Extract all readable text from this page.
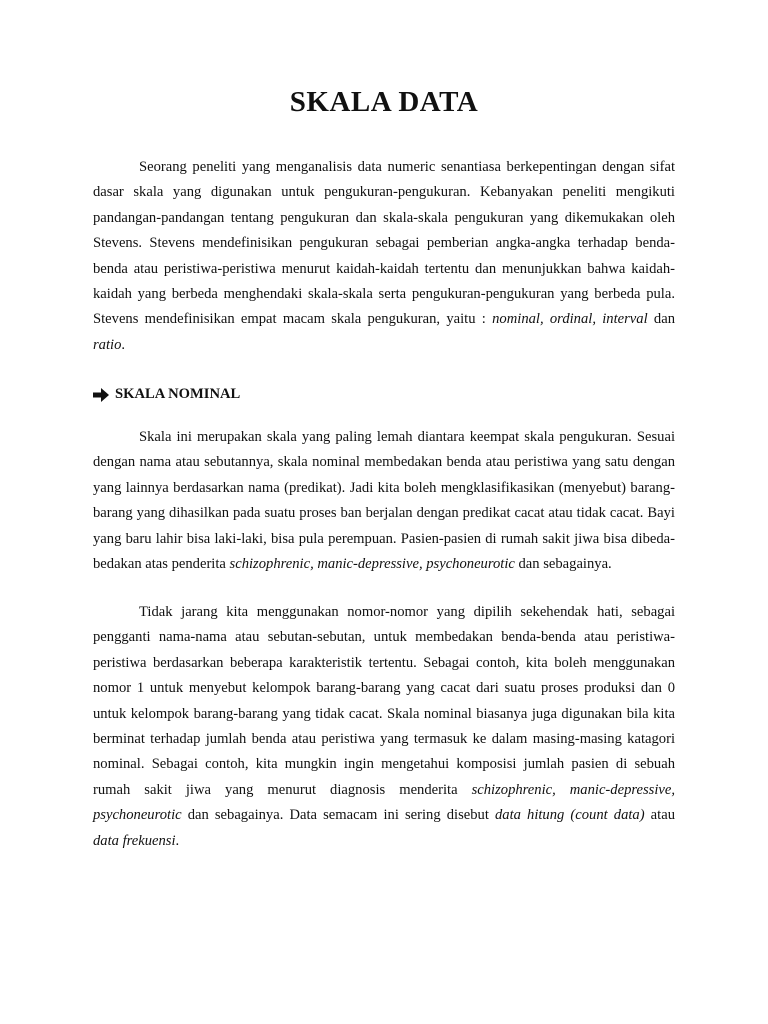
SKALA DATA

Seorang peneliti yang menganalisis data numeric senantiasa berkepentingan dengan sifat dasar skala yang digunakan untuk pengukuran-pengukuran. Kebanyakan peneliti mengikuti pandangan-pandangan tentang pengukuran dan skala-skala pengukuran yang dikemukakan oleh Stevens. Stevens mendefinisikan pengukuran sebagai pemberian angka-angka terhadap benda-benda atau peristiwa-peristiwa menurut kaidah-kaidah tertentu dan menunjukkan bahwa kaidah-kaidah yang berbeda menghendaki skala-skala serta pengukuran-pengukuran yang berbeda pula. Stevens mendefinisikan empat macam skala pengukuran, yaitu : nominal, ordinal, interval dan ratio.

SKALA NOMINAL

Skala ini merupakan skala yang paling lemah diantara keempat skala pengukuran. Sesuai dengan nama atau sebutannya, skala nominal membedakan benda atau peristiwa yang satu dengan yang lainnya berdasarkan nama (predikat). Jadi kita boleh mengklasifikasikan (menyebut) barang-barang yang dihasilkan pada suatu proses ban berjalan dengan predikat cacat atau tidak cacat. Bayi yang baru lahir bisa laki-laki, bisa pula perempuan. Pasien-pasien di rumah sakit jiwa bisa dibeda-bedakan atas penderita schizophrenic, manic-depressive, psychoneurotic dan sebagainya.

Tidak jarang kita menggunakan nomor-nomor yang dipilih sekehendak hati, sebagai pengganti nama-nama atau sebutan-sebutan, untuk membedakan benda-benda atau peristiwa-peristiwa berdasarkan beberapa karakteristik tertentu. Sebagai contoh, kita boleh menggunakan nomor 1 untuk menyebut kelompok barang-barang yang cacat dari suatu proses produksi dan 0 untuk kelompok barang-barang yang tidak cacat. Skala nominal biasanya juga digunakan bila kita berminat terhadap jumlah benda atau peristiwa yang termasuk ke dalam masing-masing katagori nominal. Sebagai contoh, kita mungkin ingin mengetahui komposisi jumlah pasien di sebuah rumah sakit jiwa yang menurut diagnosis menderita schizophrenic, manic-depressive, psychoneurotic dan sebagainya. Data semacam ini sering disebut data hitung (count data) atau data frekuensi.
